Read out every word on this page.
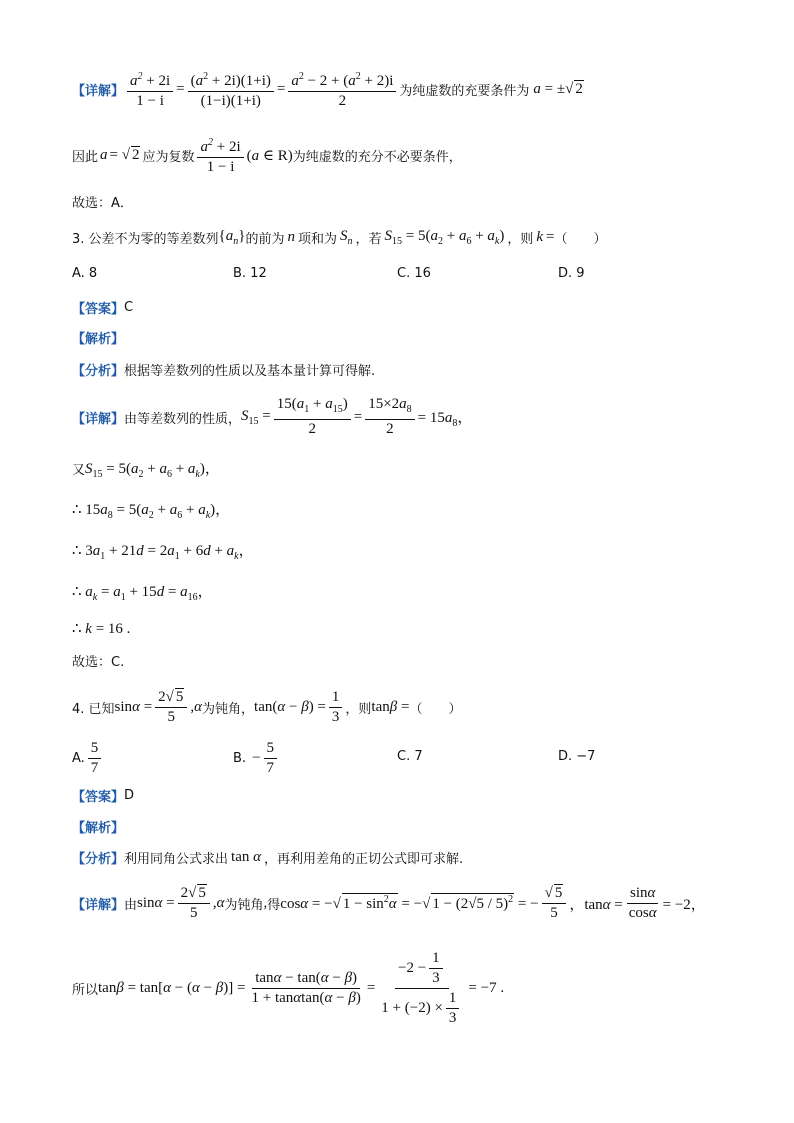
【详解】 $\frac{a^2 + 2i}{1 - i} = \frac{(a^2 + 2i)(1+i)}{(1-i)(1+i)} = \frac{a^2 - 2 + (a^2 + 2)i}{2}$ 为纯虚数的充要条件为 a = ±√ 2
因此 a = √ 2 应为复数 $\frac{a^2 + 2i}{1 - i} (a$ ∈ R) 为纯虚数的充分不必要条件，
故选：A．
3. 公差不为零的等差数列 $\{a_n\}$ 的前为 n 项和为 $S_n$ ，若 $S_{15} = 5(a_2 + a_6 + a_k)$ ，则 k = （　　）
A. 8	B. 12	C. 16	D. 9
【答案】 C
【解析】
【分析】 根据等差数列的性质以及基本量计算可得解.
【详解】 由等差数列的性质， $S_{15} = \frac{15(a_1 + a_{15})}{2} = \frac{15\times 2a_8}{2} = 15a_8$，
又 $S_{15} = 5(a_2 + a_6 + a_k)$，
∴ $15a_8 = 5(a_2 + a_6 + a_k)$，
∴ $3a_1 + 21d = 2a_1 + 6d + a_k$，
∴ $a_k = a_1 + 15d = a_{16}$，
∴ k = 16 .
故选：C.
4. 已知 $\sin\alpha = \frac{2√ 5}{5} ,\alpha$ 为钝角， $\tan(\alpha - \beta) = \frac{1}{3}$ ，则 tanβ = （　　）
A. $\frac{5}{7}$	B. − $\frac{5}{7}$	C. 7	D. −7
【答案】 D
【解析】
【分析】 利用同角公式求出 tan α ，再利用差角的正切公式即可求解.
【详解】 由 $\sin\alpha = \frac{2√ 5}{5} ,\alpha$ 为钝角 , 得 cosα = −√ $1 - \sin^2\alpha$ = −√ 1 − (2√5 / 5)$^2$ = − $\frac{√ 5}{5}$ ，$\tan\alpha = \frac{\sin\alpha}{\cos\alpha} = -2$，
所以 $\tan\beta = \tan[\alpha - (\alpha - \beta)] = \frac{\tan\alpha - \tan(\alpha - \beta)}{1 + \tan\alpha\tan(\alpha - \beta)} = \frac{-2 - \frac{1}{3}}{1 + (-2) \times \frac{1}{3}} = -7$ .
